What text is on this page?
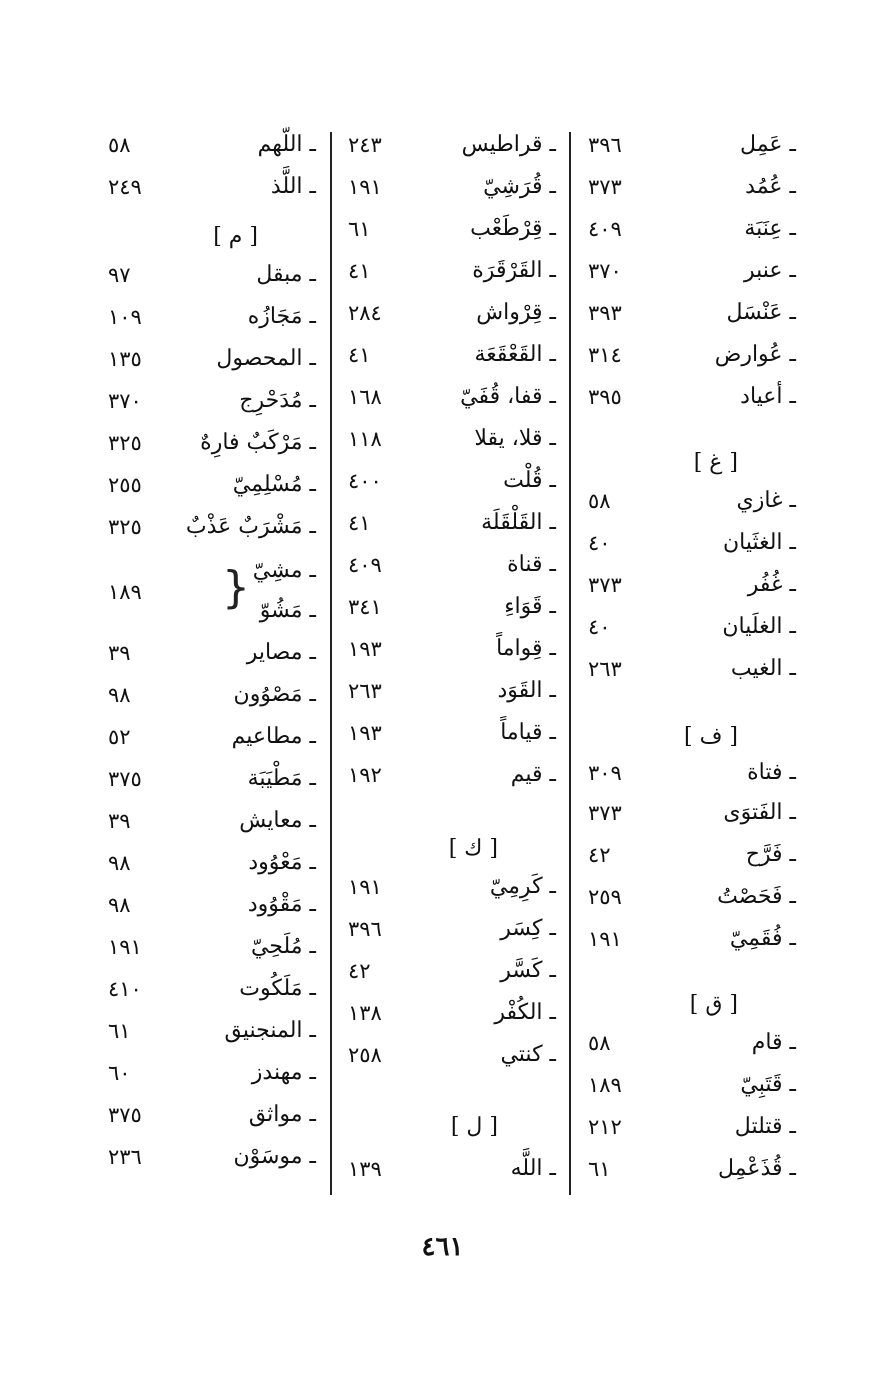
ـ عَمِل
٣٩٦
ـ عُمُد
٣٧٣
ـ عِنَبَة
٤٠٩
ـ عنبر
٣٧٠
ـ عَنْسَل
٣٩٣
ـ عُوارض
٣١٤
ـ أعياد
٣٩٥
[ غ ]
ـ غازي
٥٨
ـ الغثَيان
٤٠
ـ غُفُر
٣٧٣
ـ الغلَيان
٤٠
ـ الغيب
٢٦٣
[ ف ]
ـ فتاة
٣٠٩
ـ الفَتوَى
٣٧٣
ـ فَرَّح
٤٢
ـ فَحَصْتُ
٢٥٩
ـ فُقَمِيّ
١٩١
[ ق ]
ـ قام
٥٨
ـ قَتَبِيّ
١٨٩
ـ قتلتل
٢١٢
ـ قُذَعْمِل
٦١
ـ قراطيس
٢٤٣
ـ قُرَشِيّ
١٩١
ـ قِرْطَعْب
٦١
ـ القَرْقَرَة
٤١
ـ قِرْواش
٢٨٤
ـ القَعْقَعَة
٤١
ـ قفا، قُفَيّ
١٦٨
ـ قلا، يقلا
١١٨
ـ قُلْت
٤٠٠
ـ القَلْقَلَة
٤١
ـ قناة
٤٠٩
ـ قَوَاءِ
٣٤١
ـ قِواماً
١٩٣
ـ القَوَد
٢٦٣
ـ قياماً
١٩٣
ـ قيم
١٩٢
[ ك ]
ـ كَرِمِيّ
١٩١
ـ كِسَر
٣٩٦
ـ كَسَّر
٤٢
ـ الكُفْر
١٣٨
ـ كنتي
٢٥٨
[ ل ]
ـ اللَّه
١٣٩
ـ اللّهم
٥٨
ـ اللَّذ
٢٤٩
[ م ]
ـ مبقل
٩٧
ـ مَجَازُه
١٠٩
ـ المحصول
١٣٥
ـ مُدَحْرِج
٣٧٠
ـ مَرْكَبٌ فارِهٌ
٣٢٥
ـ مُسْلِمِيّ
٢٥٥
ـ مَشْرَبٌ عَذْبٌ
٣٢٥
ـ مشِيّ
١٨٩
ـ مَشُوّ
ـ مصاير
٣٩
ـ مَصْوُون
٩٨
ـ مطاعيم
٥٢
ـ مَطْيَبَة
٣٧٥
ـ معايش
٣٩
ـ مَعْوُود
٩٨
ـ مَقْوُود
٩٨
ـ مُلَحِيّ
١٩١
ـ مَلَكُوت
٤١٠
ـ المنجنيق
٦١
ـ مهندز
٦٠
ـ مواثق
٣٧٥
ـ موسَوْن
٢٣٦
٤٦١
}
